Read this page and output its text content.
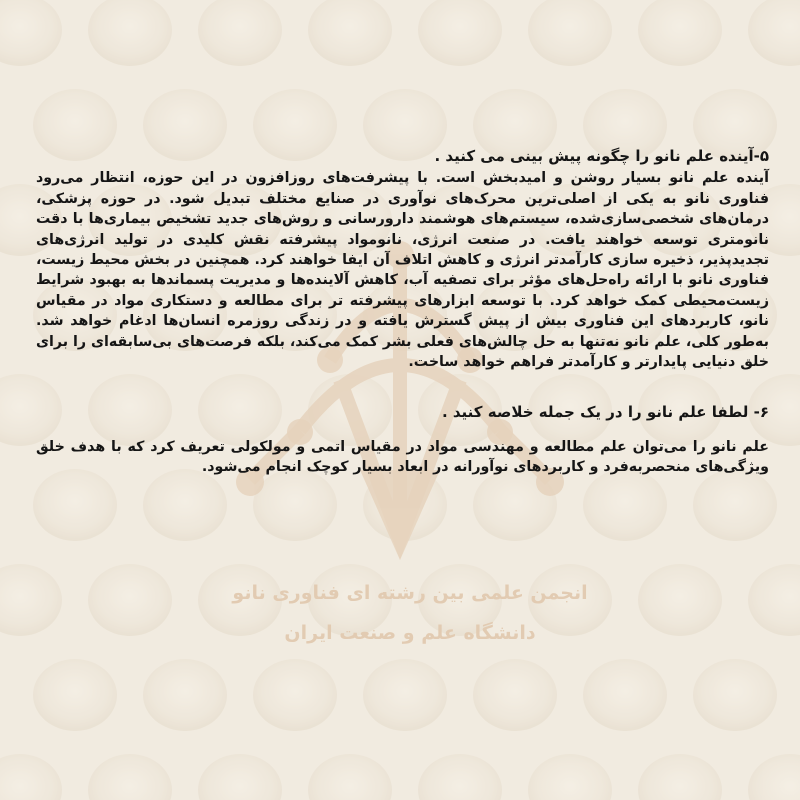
انجمن علمی بین رشته ای فناوری نانو
دانشگاه علم و صنعت ایران

۵-آینده علم نانو را چگونه پیش بینی می کنید .

آینده علم نانو بسیار روشن و امیدبخش است. با پیشرفت‌های روزافزون در این حوزه، انتظار می‌رود فناوری نانو به یکی از اصلی‌ترین محرک‌های نوآوری در صنایع مختلف تبدیل شود. در حوزه پزشکی، درمان‌های شخصی‌سازی‌شده، سیستم‌های هوشمند دارورسانی و روش‌های جدید تشخیص بیماری‌ها با دقت نانومتری توسعه خواهند یافت. در صنعت انرژی، نانومواد پیشرفته نقش کلیدی در تولید انرژی‌های تجدیدپذیر، ذخیره سازی کارآمدتر انرژی و کاهش اتلاف آن ایفا خواهند کرد. همچنین در بخش محیط زیست، فناوری نانو با ارائه راه‌حل‌های مؤثر برای تصفیه آب، کاهش آلاینده‌ها و مدیریت پسماندها به بهبود شرایط زیست‌محیطی کمک خواهد کرد. با توسعه ابزارهای پیشرفته تر برای مطالعه و دستکاری مواد در مقیاس نانو، کاربردهای این فناوری بیش از پیش گسترش یافته و در زندگی روزمره انسان‌ها ادغام خواهد شد. به‌طور کلی، علم نانو نه‌تنها به حل چالش‌های فعلی بشر کمک می‌کند، بلکه فرصت‌های بی‌سابقه‌ای را برای خلق دنیایی پایدارتر و کارآمدتر فراهم خواهد ساخت.

۶- لطفا علم نانو را در یک جمله خلاصه کنید .

علم نانو را می‌توان علم مطالعه و مهندسی مواد در مقیاس اتمی و مولکولی تعریف کرد که با هدف خلق ویژگی‌های منحصربه‌فرد و کاربردهای نوآورانه در ابعاد بسیار کوچک انجام می‌شود.
